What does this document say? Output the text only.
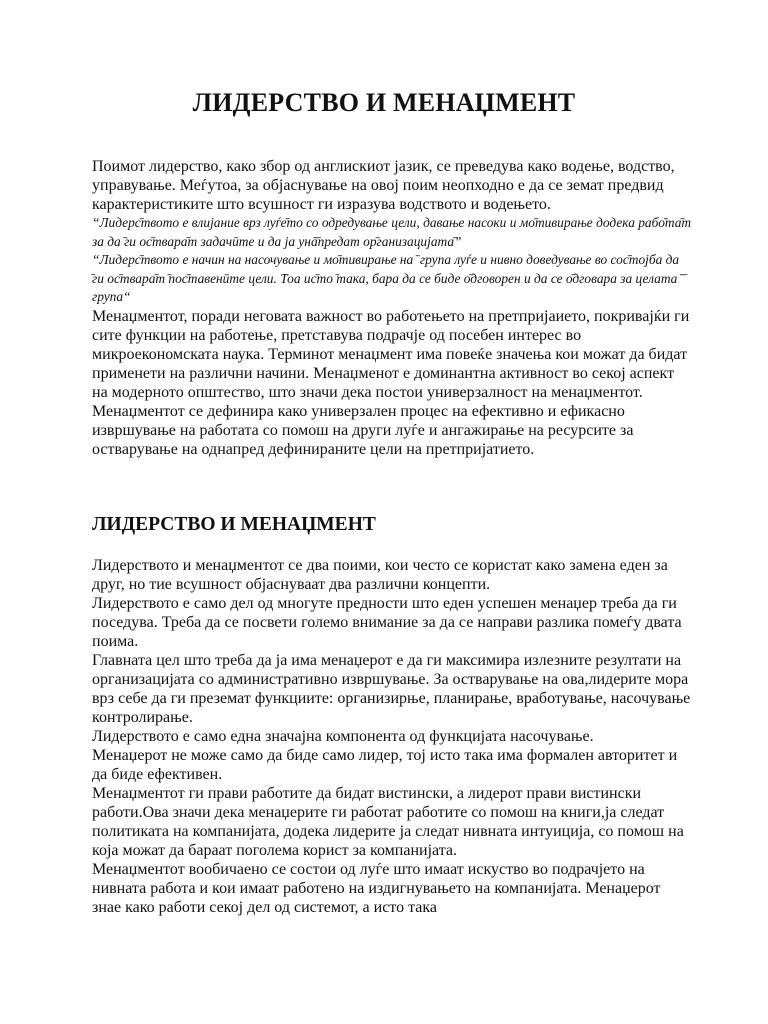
ЛИДЕРСТВО И МЕНАЏМЕНТ

Поимот лидерство, како збор од англискиот јазик, се преведува како водење, водство, управување. Меѓутоа, за објаснување на овој поим неопходно е да се земат предвид карактеристиките што всушност ги изразува водството и водењето.

“Лидерс̄твото е влијание врз луѓе̄то со одредување цели, давање насоки и мо̄тивирање додека рабо̄та̄т за да ̄ги ос̄твара̄т задачӣте и да ја унā̄предат ор̄ганизацијата̄”

“Лидерс̄твото е начин на насочување и мо̄тивирање на ̄ група луѓе и нивно доведување во сос̄тојба да ̄ги ос̄твара̄т ̄пос̄тавенӣте цели. Тоа ис̄то ̄така, бара да се биде о̄дговорен и да се о̄дговара за целата ̄ ̄ група“

Менаџментот, поради неговата важност во работењето на претпријаието, покривајќи ги сите функции на работење, претставува подрачје од посебен интерес во микроекономската наука. Терминот менаџмент има повеќе значења кои можат да бидат применети на различни начини. Менаџменот е доминантна активност во секој аспект на модерното општество, што значи дека постои универзалност на менаџментот. Менаџментот се дефинира како универзален процес на ефективно и ефикасно извршување на работата со помош на други луѓе и ангажирање на ресурсите за остварување на однапред дефинираните цели на претпријатието.

ЛИДЕРСТВО И МЕНАЏМЕНТ

Лидерството и менаџментот се два поими, кои често се користат како замена еден за друг, но тие всушност објаснуваат два различни концепти.

Лидерството е само дел од многуте предности што еден успешен менаџер треба да ги поседува. Треба да се посвети големо внимание за да се направи разлика помеѓу двата поима.

Главната цел што треба да ја има менаџерот е да ги максимира излезните резултати на организацијата со административно извршување. За остварување на ова,лидерите мора врз себе да ги преземат функциите: организирње, планирање, вработување, насочување контролирање.

Лидерството е само една значајна компонента од функцијата насочување.

Менаџерот не може само да биде само лидер, тој исто така има формален авторитет и да биде ефективен.

Менаџментот ги прави работите да бидат вистински, а лидерот прави вистински работи.Ова значи дека менаџерите ги работат работите со помош на книги,ја следат политиката на компанијата, додека лидерите ја следат нивната интуиција, со помош на која можат да бараат поголема корист за компанијата.

Менаџментот вообичаено се состои од луѓе што имаат искуство во подрачјето на нивната работа и кои имаат работено на издигнувањето на компанијата. Менаџерот знае како работи секој дел од системот, а исто така
